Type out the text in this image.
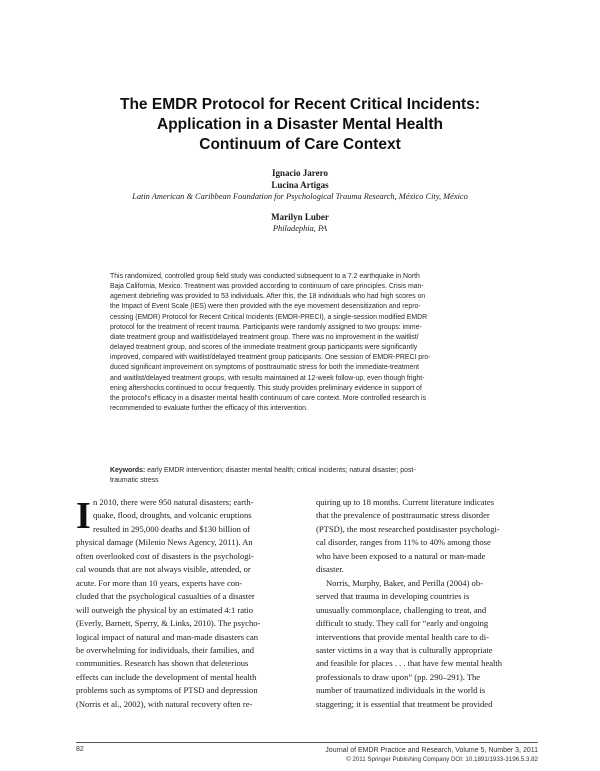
The EMDR Protocol for Recent Critical Incidents:
Application in a Disaster Mental Health
Continuum of Care Context
Ignacio Jarero
Lucina Artigas
Latin American & Caribbean Foundation for Psychological Trauma Research, México City, México
Marilyn Luber
Philadephia, PA
This randomized, controlled group field study was conducted subsequent to a 7.2 earthquake in North
Baja California, Mexico. Treatment was provided according to continuum of care principles. Crisis man-
agement debriefing was provided to 53 individuals. After this, the 18 individuals who had high scores on
the Impact of Event Scale (IES) were then provided with the eye movement desensitization and repro-
cessing (EMDR) Protocol for Recent Critical Incidents (EMDR-PRECI), a single-session modified EMDR
protocol for the treatment of recent trauma. Participants were randomly assigned to two groups: imme-
diate treatment group and waitlist/delayed treatment group. There was no improvement in the waitlist/
delayed treatment group, and scores of the immediate treatment group participants were significantly
improved, compared with waitlist/delayed treatment group paticipants. One session of EMDR-PRECI pro-
duced significant improvement on symptoms of posttraumatic stress for both the immediate-treatment
and waitlist/delayed treatment groups, with results maintained at 12-week follow-up, even though fright-
ening aftershocks continued to occur frequently. This study provides preliminary evidence in support of
the protocol's efficacy in a disaster mental health continuum of care context. More controlled research is
recommended to evaluate further the efficacy of this intervention.
Keywords: early EMDR intervention; disaster mental health; critical incidents; natural disaster; post-
traumatic stress
I n 2010, there were 950 natural disasters; earth-
quake, flood, droughts, and volcanic eruptions
resulted in 295,000 deaths and $130 billion of
physical damage (Milenio News Agency, 2011). An
often overlooked cost of disasters is the psychologi-
cal wounds that are not always visible, attended, or
acute. For more than 10 years, experts have con-
cluded that the psychological casualties of a disaster
will outweigh the physical by an estimated 4:1 ratio
(Everly, Barnett, Sperry, & Links, 2010). The psycho-
logical impact of natural and man-made disasters can
be overwhelming for individuals, their families, and
communities. Research has shown that deleterious
effects can include the development of mental health
problems such as symptoms of PTSD and depression
(Norris et al., 2002), with natural recovery often re-
quiring up to 18 months. Current literature indicates
that the prevalence of posttraumatic stress disorder
(PTSD), the most researched postdisaster psychologi-
cal disorder, ranges from 11% to 40% among those
who have been exposed to a natural or man-made
disaster.
Norris, Murphy, Baker, and Perilla (2004) ob-
served that trauma in developing countries is
unusually commonplace, challenging to treat, and
difficult to study. They call for “early and ongoing
interventions that provide mental health care to di-
saster victims in a way that is culturally appropriate
and feasible for places . . . that have few mental health
professionals to draw upon” (pp. 290–291). The
number of traumatized individuals in the world is
staggering; it is essential that treatment be provided
82	Journal of EMDR Practice and Research, Volume 5, Number 3, 2011
© 2011 Springer Publishing Company DOI: 10.1891/1933-3196.5.3.82
